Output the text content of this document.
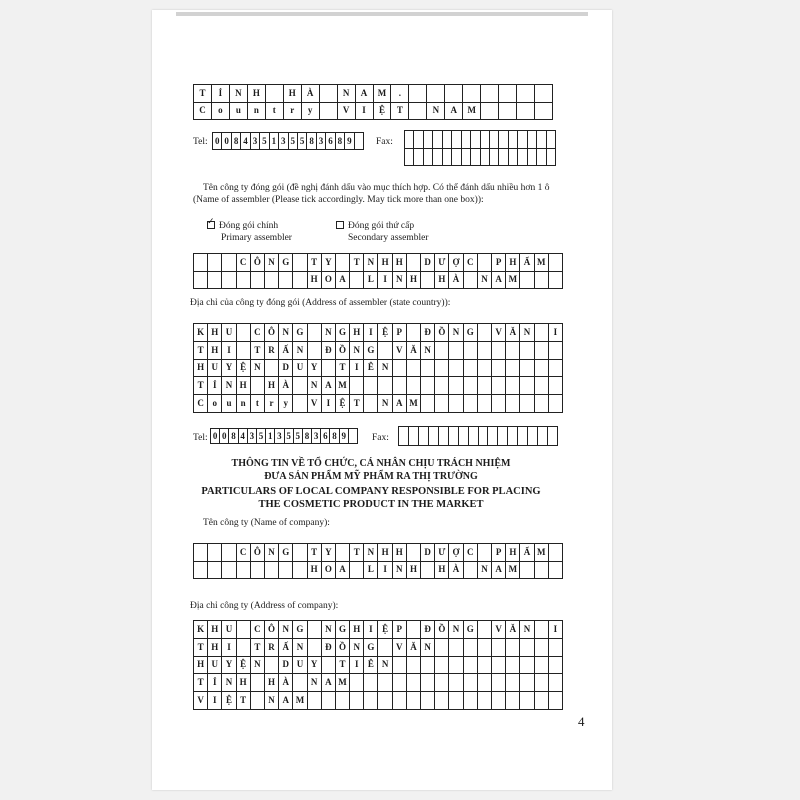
T	Ỉ	N	H	H	À	N	A	M	.
C	o	u	n	t	r	y	V	I	Ệ	T	N	A	M
Tel: 0 0 8 4 3 5 1 3 5 5 8 3 6 8 9	Fax:
Tên công ty đóng gói (đề nghị đánh dấu vào mục thích hợp. Có thể đánh dấu nhiều hơn 1 ô
(Name of assembler (Please tick accordingly. May tick more than one box)):
✓Đóng gói chính
Primary assembler
Đóng gói thứ cấp
Secondary assembler
C Ô N G	T Y	T N H H	D Ư Ợ C	P H Ẩ M
H O A	L	I	N H	H À	N A M
Địa chỉ của công ty đóng gói (Address of assembler (state country)):
K H U	C Ô N G	N G H I	Ệ P	Đ Ồ N G	V Ă N	I
T H I	T R Ấ N	Đ Ồ N G	V Ă N
H U Y Ệ N	D U Y	T	I	Ê N
T	Ỉ	N H	H À	N A M
C o	u	n	t	r	y	V	I	Ệ T	N A M
Tel: 0 0 8 4 3 5 1 3 5 5 8 3 6 8 9	Fax:
THÔNG TIN VỀ TỔ CHỨC, CÁ NHÂN CHỊU TRÁCH NHIỆM
ĐƯA SẢN PHẨM MỸ PHẨM RA THỊ TRƯỜNG
PARTICULARS OF LOCAL COMPANY RESPONSIBLE FOR PLACING
THE COSMETIC PRODUCT IN THE MARKET
Tên công ty (Name of company):
C Ô N G	T Y	T N H H	D Ư Ợ C	P H Ẩ M
H O A	L	I	N H	H À	N A M
Địa chỉ công ty (Address of company):
K H U	C Ô N G	N G H I	Ệ P	Đ Ồ N G	V Ă N	I
T H I	T R Ấ N	Đ Ồ N G	V Ă N
H U Y Ệ N	D U Y	T	I	Ê N
T	Ỉ	N H	H À	N A M
V	I	Ệ T	N A M
4
